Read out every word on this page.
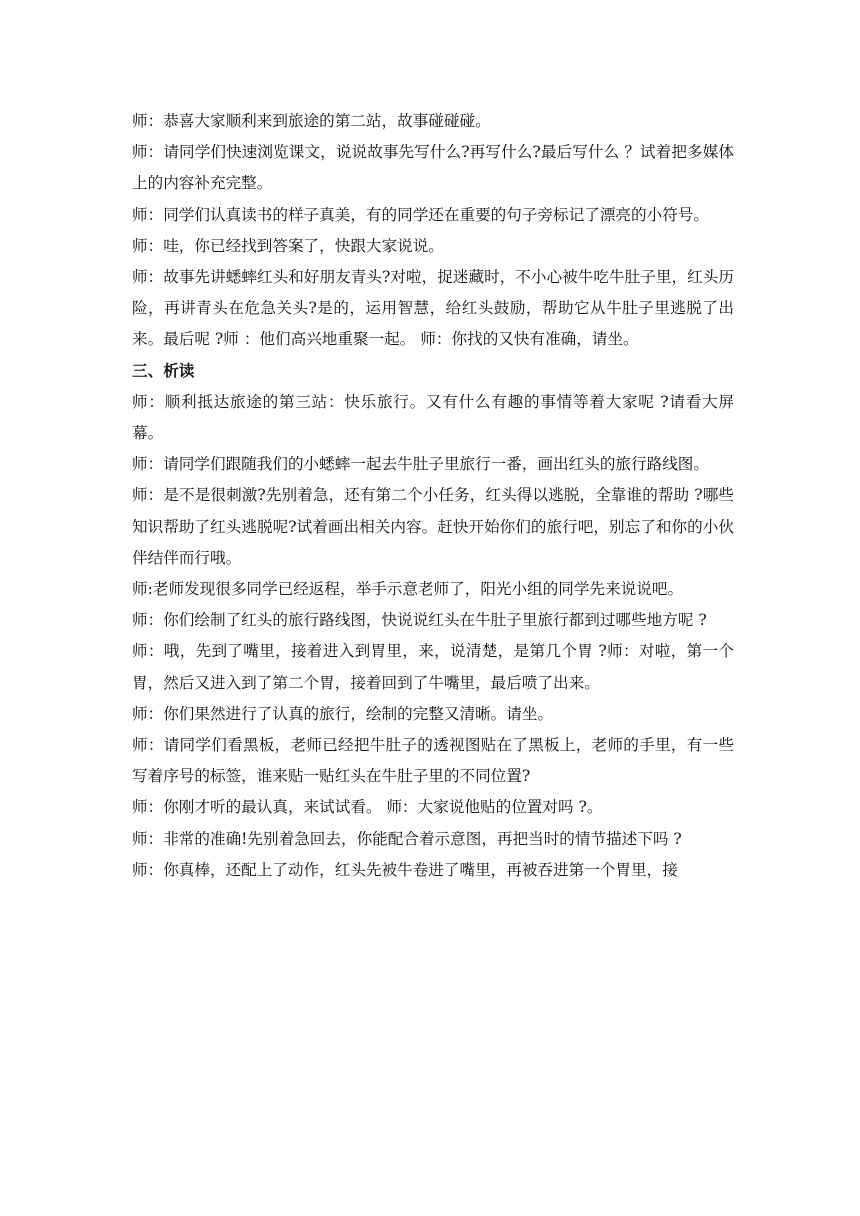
师：恭喜大家顺利来到旅途的第二站，故事碰碰碰。

师：请同学们快速浏览课文，说说故事先写什么?再写什么?最后写什么 ？试着把多媒体上的内容补充完整。

师：同学们认真读书的样子真美，有的同学还在重要的句子旁标记了漂亮的小符号。

师：哇，你已经找到答案了，快跟大家说说。

师：故事先讲蟋蟀红头和好朋友青头?对啦，捉迷藏时，不小心被牛吃牛肚子里，红头历险，再讲青头在危急关头?是的，运用智慧，给红头鼓励，帮助它从牛肚子里逃脱了出来。最后呢 ?师 ：他们高兴地重聚一起。 师：你找的又快有准确，请坐。

三、析读

师：顺利抵达旅途的第三站：快乐旅行。又有什么有趣的事情等着大家呢 ?请看大屏幕。

师：请同学们跟随我们的小蟋蟀一起去牛肚子里旅行一番，画出红头的旅行路线图。

师：是不是很刺激?先别着急，还有第二个小任务，红头得以逃脱，全靠谁的帮助 ?哪些知识帮助了红头逃脱呢?试着画出相关内容。赶快开始你们的旅行吧，别忘了和你的小伙伴结伴而行哦。

师:老师发现很多同学已经返程，举手示意老师了，阳光小组的同学先来说说吧。

师：你们绘制了红头的旅行路线图，快说说红头在牛肚子里旅行都到过哪些地方呢 ?

师：哦，先到了嘴里，接着进入到胃里，来，说清楚，是第几个胃 ?师：对啦，第一个胃，然后又进入到了第二个胃，接着回到了牛嘴里，最后喷了出来。

师：你们果然进行了认真的旅行，绘制的完整又清晰。请坐。

师：请同学们看黑板，老师已经把牛肚子的透视图贴在了黑板上，老师的手里，有一些写着序号的标签，谁来贴一贴红头在牛肚子里的不同位置?

师：你刚才听的最认真，来试试看。 师：大家说他贴的位置对吗 ?。

师：非常的准确!先别着急回去，你能配合着示意图，再把当时的情节描述下吗 ?

师：你真棒，还配上了动作，红头先被牛卷进了嘴里，再被吞进第一个胃里，接
